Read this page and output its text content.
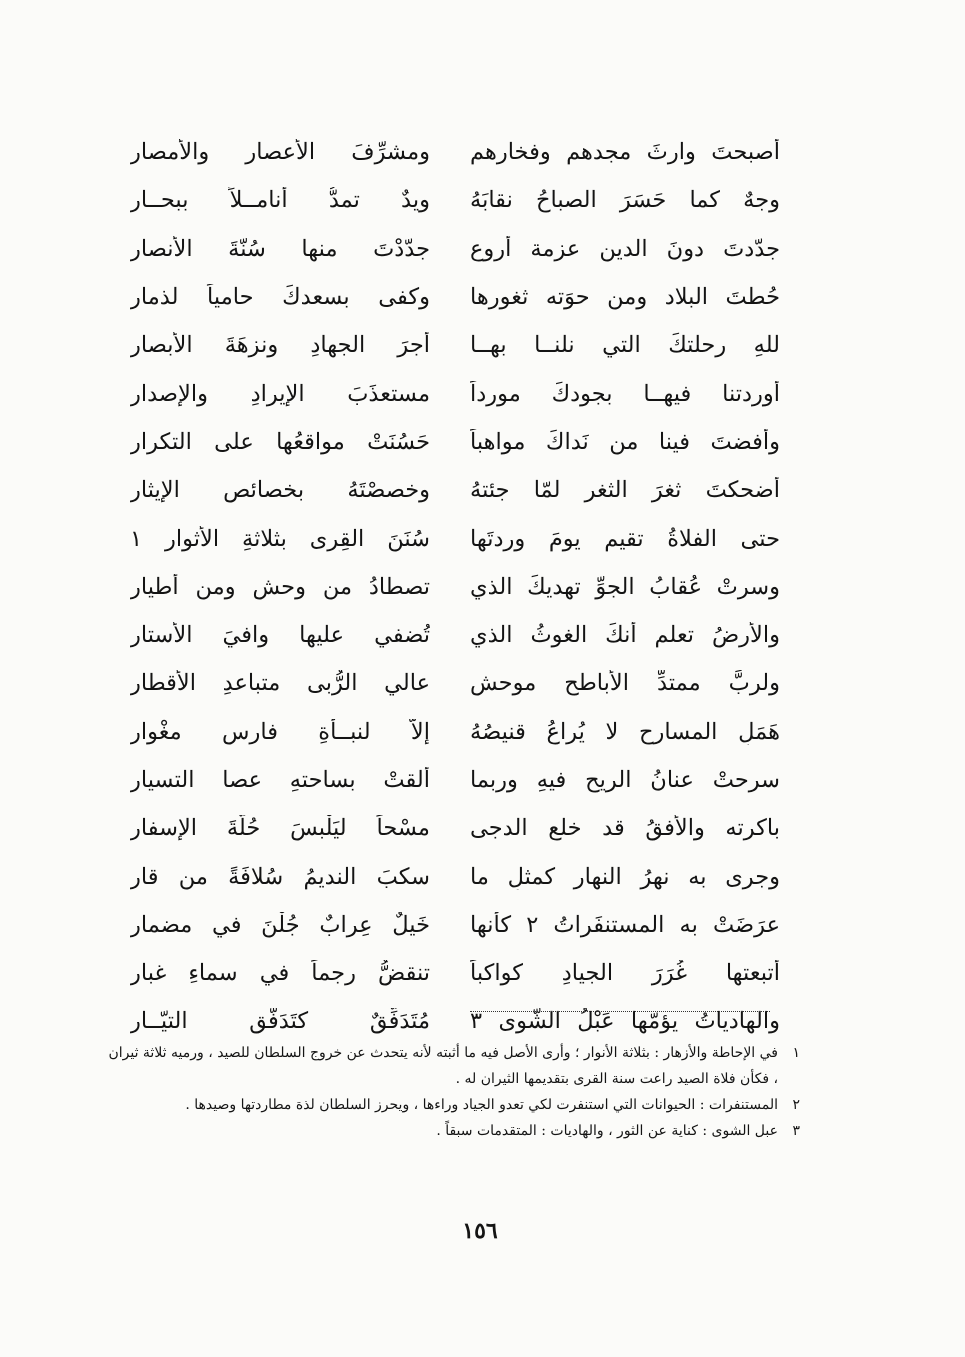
أصبحتَ وارثَ مجدهم وفخارهم
ومشرِّفَ الأعصارِ والأمصارِ
وجهٌ كما حَسَرَ الصباحُ نقابَهُ
ويدٌ تمدُّ أنامــلاً ببحــارِ
جدّدتَ دونَ الدينِ عزمة أروعٍ
جدّدْتَ منها سُنّةَ الأنصارِ
حُطتَ البلاد ومن حوَته ثغورها
وكفى بسعدكَ حامياً لذمارِ
للهِ رحلتكَ التي نلنــا بهــا
أجرَ الجهادِ ونزهَةَ الأبصارِ
أوردتنا فيهــا بجودكَ مورداً
مستعذَبَ الإيرادِ والإصدارِ
وأفضتَ فينا من نَداكَ مواهباً
حَسُنَتْ مواقعُها على التكرارِ
أضحكتَ ثغرَ الثغرِ لمّا جئتهُ
وخصصْتَهُ بخصائصِ الإيثارِ
حتى الفلاةُ تقيم يومَ وردتَها
سُنَنَ القِرى بثلاثةِ الأثوارِ ١
وسرتْ عُقابُ الجوِّ تهديكَ الذي
تصطادُ من وحشٍ ومن أطيارِ
والأرضُ تعلم أنكَ الغوثُ الذي
تُضفي عليها وافيَ الأستارِ
ولربَّ ممتدِّ الأباطحِ موحشٍ
عالي الرُّبى متباعدِ الأقطارِ
هَمَلِ المسارحِ لا يُراعُ قنيصُهُ
إلاّ لنبــأةِ فارسٍ مغْوارِ
سرحتْ عنانُ الريحِ فيهِ وربما
ألقتْ بساحتهِ عصا التسيارِ
باكرته والأفقُ قد خلع الدجى
مسْحاً ليَلْبسَ حُلّةَ الإسفارِ
وجرى به نهرُ النهارِ كمثلِ ما
سكبَ النديمُ سُلافَةً من قارِ
عرَضَتْ به المستنفَراتُ ٢ كأنها
خَيلٌ عِرابٌ جُلْنَ في مضمارِ
أتبعتها غُرَرَ الجيادِ كواكباً
تنقضُّ رجماً في سماءِ غبارِ
والهادياتُ يؤمّها عَبْلُ الشَّوى ٣
مُتَدَفِّقٌ كتَدَفُّقِ التيّــارِ
١
في الإحاطة والأزهار : بثلاثة الأنوار ؛ وأرى الأصل فيه ما أثبته لأنه يتحدث عن خروج السلطان للصيد ، ورميه ثلاثة ثيران ، فكأن فلاة الصيد راعت سنة القرى بتقديمها الثيران له .
٢
المستنفرات : الحيوانات التي استنفرت لكي تعدو الجياد وراءها ، ويحرز السلطان لذة مطاردتها وصيدها .
٣
عبل الشوى : كناية عن الثور ، والهاديات : المتقدمات سبقاً .
١٥٦
